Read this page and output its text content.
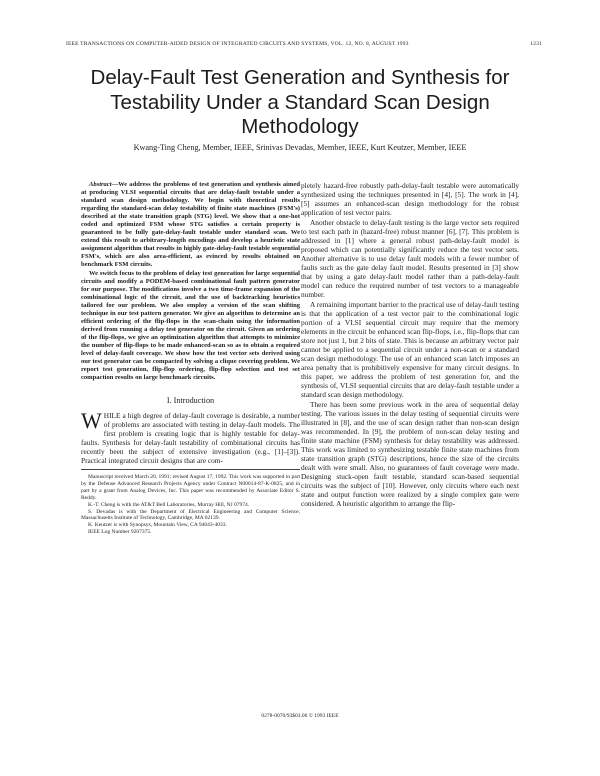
IEEE TRANSACTIONS ON COMPUTER-AIDED DESIGN OF INTEGRATED CIRCUITS AND SYSTEMS, VOL. 12, NO. 8, AUGUST 1993	1231
Delay-Fault Test Generation and Synthesis for
Testability Under a Standard Scan Design
Methodology
Kwang-Ting Cheng, Member, IEEE, Srinivas Devadas, Member, IEEE, Kurt Keutzer, Member, IEEE

Abstract—We address the problems of test generation and synthesis aimed at producing VLSI sequential circuits that are delay-fault testable under a standard scan design methodology. We begin with theoretical results regarding the standard-scan delay testability of finite state machines (FSM's) described at the state transition graph (STG) level. We show that a one-hot coded and optimized FSM whose STG satisfies a certain property is guaranteed to be fully gate-delay-fault testable under standard scan. We extend this result to arbitrary-length encodings and develop a heuristic state assignment algorithm that results in highly gate-delay-fault testable sequential FSM's, which are also area-efficient, as evinced by results obtained on benchmark FSM circuits.

We switch focus to the problem of delay test generation for large sequential circuits and modify a PODEM-based combinational fault pattern generator for our purpose. The modifications involve a two time-frame expansion of the combinational logic of the circuit, and the use of backtracking heuristics tailored for our problem. We also employ a version of the scan shifting technique in our test pattern generator. We give an algorithm to determine an efficient ordering of the flip-flops in the scan-chain using the information derived from running a delay test generator on the circuit. Given an ordering of the flip-flops, we give an optimization algorithm that attempts to minimize the number of flip-flops to be made enhanced-scan so as to obtain a required level of delay-fault coverage. We show how the test vector sets derived using our test generator can be compacted by solving a clique covering problem. We report test generation, flip-flop ordering, flip-flop selection and test set compaction results on large benchmark circuits.

I. Introduction

WHILE a high degree of delay-fault coverage is desirable, a number of problems are associated with testing in delay-fault models. The first problem is creating logic that is highly testable for delay-faults. Synthesis for delay-fault testability of combinational circuits has recently been the subject of extensive investigation (e.g., [1]–[3]). Practical integrated circuit designs that are com-

Manuscript received March 20, 1991; revised August 17, 1992. This work was supported in part by the Defense Advanced Research Projects Agency under Contract N00014-87-K-0825, and in part by a grant from Analog Devices, Inc. This paper was recommended by Associate Editor S. Reddy.

K.-T. Cheng is with the AT&T Bell Laboratories, Murray Hill, NJ 07974.

S. Devadas is with the Department of Electrical Engineering and Computer Science, Massachusetts Institute of Technology, Cambridge, MA 02139.

K. Keutzer is with Synopsys, Mountain View, CA 94043-4033.

IEEE Log Number 9207375.

pletely hazard-free robustly path-delay-fault testable were automatically synthesized using the techniques presented in [4], [5]. The work in [4], [5] assumes an enhanced-scan design methodology for the robust application of test vector pairs.

Another obstacle to delay-fault testing is the large vector sets required to test each path in (hazard-free) robust manner [6], [7]. This problem is addressed in [1] where a general robust path-delay-fault model is proposed which can potentially significantly reduce the test vector sets. Another alternative is to use delay fault models with a fewer number of faults such as the gate delay fault model. Results presented in [3] show that by using a gate delay-fault model rather than a path-delay-fault model can reduce the required number of test vectors to a manageable number.

A remaining important barrier to the practical use of delay-fault testing is that the application of a test vector pair to the combinational logic portion of a VLSI sequential circuit may require that the memory elements in the circuit be enhanced scan flip-flops, i.e., flip-flops that can store not just 1, but 2 bits of state. This is because an arbitrary vector pair cannot be applied to a sequential circuit under a non-scan or a standard scan design methodology. The use of an enhanced scan latch imposes an area penalty that is prohibitively expensive for many circuit designs. In this paper, we address the problem of test generation for, and the synthesis of, VLSI sequential circuits that are delay-fault testable under a standard scan design methodology.

There has been some previous work in the area of sequential delay testing. The various issues in the delay testing of sequential circuits were illustrated in [8], and the use of scan design rather than non-scan design was recommended. In [9], the problem of non-scan delay testing and finite state machine (FSM) synthesis for delay testability was addressed. This work was limited to synthesizing testable finite state machines from state transition graph (STG) descriptions, hence the size of the circuits dealt with were small. Also, no guarantees of fault coverage were made. Designing stuck-open fault testable, standard scan-based sequential circuits was the subject of [10]. However, only circuits where each next state and output function were realized by a single complex gate were considered. A heuristic algorithm to arrange the flip-

0278-0070/93$03.00 © 1993 IEEE
